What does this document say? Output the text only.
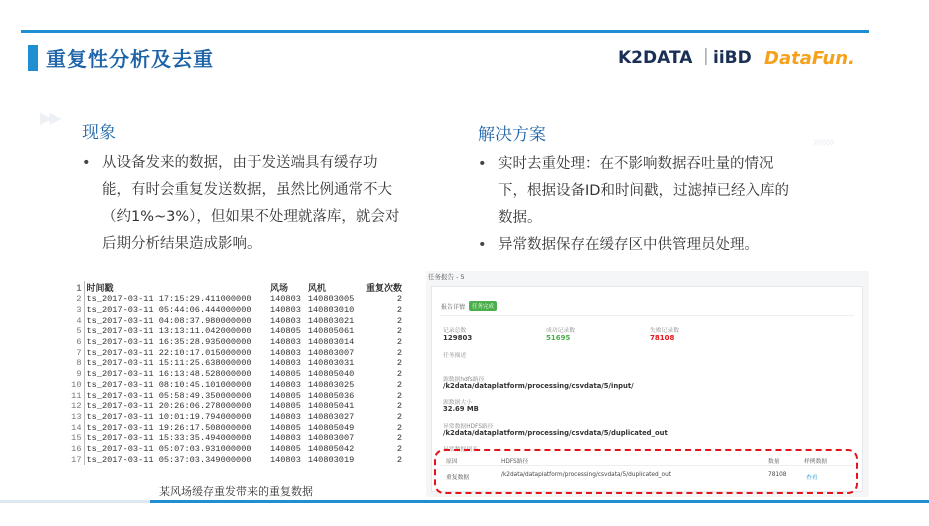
重复性分析及去重	K2DATA | iiBD DataFun.
▶▶
»»»
现象
• 从设备发来的数据，由于发送端具有缓存功能，有时会重复发送数据，虽然比例通常不大（约1%~3%），但如果不处理就落库，就会对后期分析结果造成影响。
解决方案
• 实时去重处理：在不影响数据吞吐量的情况下，根据设备ID和时间戳，过滤掉已经入库的数据。
• 异常数据保存在缓存区中供管理员处理。
1	时间戳	风场	风机	重复次数
2	ts_2017-03-11 17:15:29.411000000	140803	140803005	2
3	ts_2017-03-11 05:44:06.444000000	140803	140803010	2
4	ts_2017-03-11 04:08:37.980000000	140803	140803021	2
5	ts_2017-03-11 13:13:11.042000000	140805	140805061	2
6	ts_2017-03-11 16:35:28.935000000	140803	140803014	2
7	ts_2017-03-11 22:10:17.015000000	140803	140803007	2
8	ts_2017-03-11 15:11:25.638000000	140803	140803031	2
9	ts_2017-03-11 16:13:48.528000000	140805	140805040	2
10	ts_2017-03-11 08:10:45.101000000	140803	140803025	2
11	ts_2017-03-11 05:58:49.350000000	140805	140805036	2
12	ts_2017-03-11 20:26:06.278000000	140805	140805041	2
13	ts_2017-03-11 10:01:19.794000000	140803	140803027	2
14	ts_2017-03-11 19:26:17.508000000	140805	140805049	2
15	ts_2017-03-11 15:33:35.494000000	140803	140803007	2
16	ts_2017-03-11 05:07:03.931000000	140805	140805042	2
17	ts_2017-03-11 05:37:03.349000000	140803	140803019	2
某风场缓存重发带来的重复数据
任务报告 - 5
报告详情	任务完成
记录总数
129803
成功记录数
51695
失败记录数
78108
任务描述
源数据hdfs路径
/k2data/dataplatform/processing/csvdata/5/input/
源数据大小
32.69 MB
异常数据HDFS路径
/k2data/dataplatform/processing/csvdata/5/duplicated_out
异常数据列表
原因	HDFS路径	数量	样例数据
重复数据	/k2data/dataplatform/processing/csvdata/5/duplicated_out	78108	查看
